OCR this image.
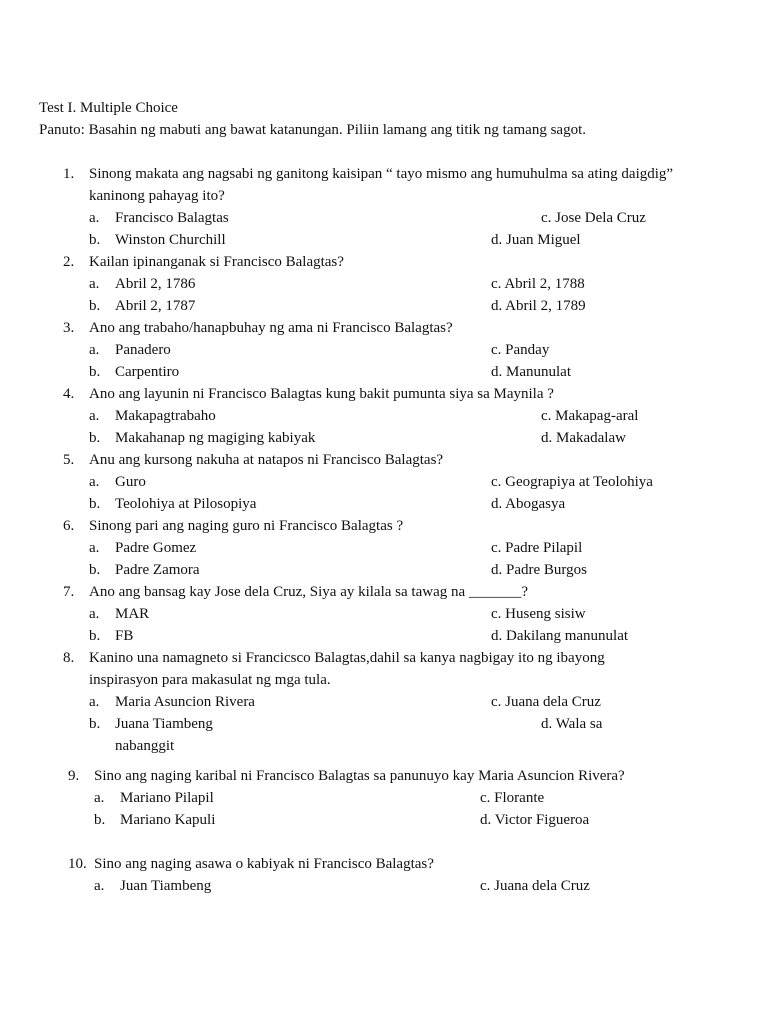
Test I. Multiple Choice
Panuto: Basahin ng mabuti ang bawat katanungan. Piliin lamang ang titik ng tamang sagot.
1. Sinong makata ang nagsabi ng ganitong kaisipan “ tayo mismo ang humuhulma sa ating daigdig” kaninong pahayag ito?
a. Francisco Balagtas	c. Jose Dela Cruz
b. Winston Churchill	d. Juan Miguel
2. Kailan ipinanganak si Francisco Balagtas?
a. Abril 2, 1786	c. Abril 2, 1788
b. Abril 2, 1787	d. Abril 2, 1789
3. Ano ang trabaho/hanapbuhay ng ama ni Francisco Balagtas?
a. Panadero	c. Panday
b. Carpentiro	d. Manunulat
4. Ano ang layunin ni Francisco Balagtas kung bakit pumunta siya sa Maynila ?
a. Makapagtrabaho	c. Makapag-aral
b. Makahanap ng magiging kabiyak	d. Makadalaw
5. Anu ang kursong nakuha at natapos ni Francisco Balagtas?
a. Guro	c. Geograpiya at Teolohiya
b. Teolohiya at Pilosopiya	d. Abogasya
6. Sinong pari ang naging guro ni Francisco Balagtas ?
a. Padre Gomez	c. Padre Pilapil
b. Padre Zamora	d. Padre Burgos
7. Ano ang bansag kay Jose dela Cruz, Siya ay kilala sa tawag na _______?
a. MAR	c. Huseng sisiw
b. FB	d. Dakilang manunulat
8. Kanino una namagneto si Francicsco Balagtas,dahil sa kanya nagbigay ito ng ibayong inspirasyon para makasulat ng mga tula.
a. Maria Asuncion Rivera	c. Juana dela Cruz
b. Juana Tiambeng	d. Wala sa
nabanggit
9. Sino ang naging karibal ni Francisco Balagtas sa panunuyo kay Maria Asuncion Rivera?
a. Mariano Pilapil	c. Florante
b. Mariano Kapuli	d. Victor Figueroa
10. Sino ang naging asawa o kabiyak ni Francisco Balagtas?
a. Juan Tiambeng	c. Juana dela Cruz
